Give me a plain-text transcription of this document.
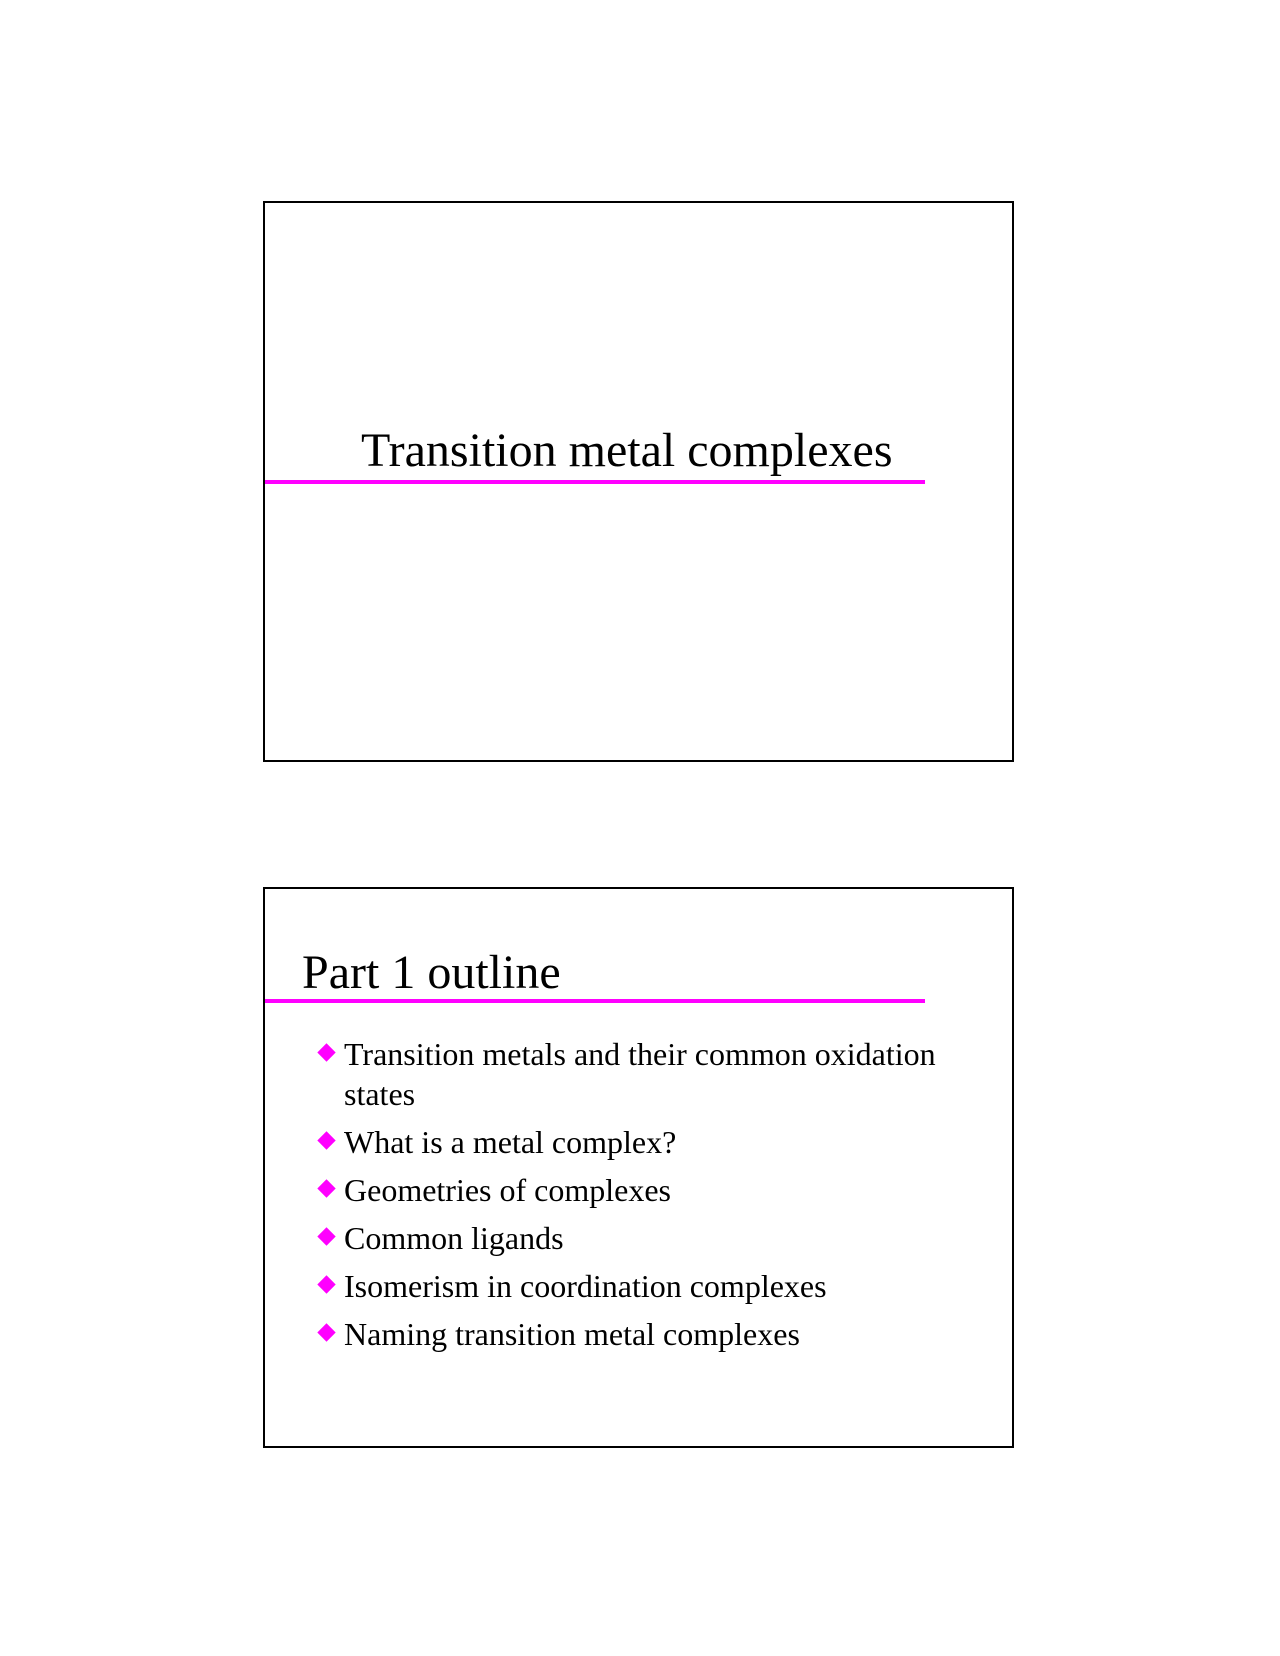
Transition metal complexes
Part 1 outline
Transition metals and their common oxidation states
What is a metal complex?
Geometries of complexes
Common ligands
Isomerism in coordination complexes
Naming transition metal complexes
